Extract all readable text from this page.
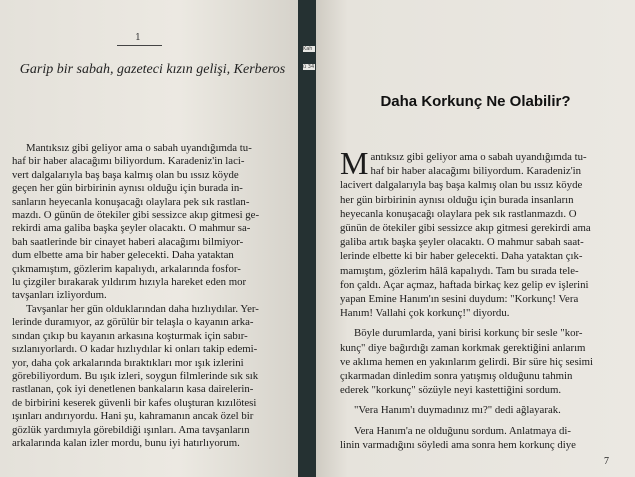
1
Garip bir sabah, gazeteci kızın gelişi, Kerberos

Mantıksız gibi geliyor ama o sabah uyandığımda tu-
haf bir haber alacağımı biliyordum. Karadeniz'in laci-
vert dalgalarıyla baş başa kalmış olan bu ıssız köyde
geçen her gün birbirinin aynısı olduğu için burada in-
sanların heyecanla konuşacağı olaylara pek sık rastlan-
mazdı. O günün de ötekiler gibi sessizce akıp gitmesi ge-
rekirdi ama galiba başka şeyler olacaktı. O mahmur sa-
bah saatlerinde bir cinayet haberi alacağımı bilmiyor-
dum elbette ama bir haber gelecekti. Daha yataktan
çıkmamıştım, gözlerim kapalıydı, arkalarında fosfor-
lu çizgiler bırakarak yıldırım hızıyla hareket eden mor
tavşanları izliyordum.

Tavşanlar her gün olduklarından daha hızlıydılar. Yer-
lerinde duramıyor, az görülür bir telaşla o kayanın arka-
sından çıkıp bu kayanın arkasına koşturmak için sabır-
sızlanıyorlardı. O kadar hızlıydılar ki onları takip edemi-
yor, daha çok arkalarında bıraktıkları mor ışık izlerini
görebiliyordum. Bu ışık izleri, soygun filmlerinde sık sık
rastlanan, çok iyi denetlenen bankaların kasa dairelerin-
de birbirini keserek güvenli bir kafes oluşturan kızılötesi
ışınları andırıyordu. Hani şu, kahramanın ancak özel bir
gözlük yardımıyla görebildiği ışınları. Ama tavşanların
arkalarında kalan izler mordu, bunu iyi hatırlıyorum.

Kah
ü 34
Daha Korkunç Ne Olabilir?

M antıksız gibi geliyor ama o sabah uyandığımda tu-
haf bir haber alacağımı biliyordum. Karadeniz'in
lacivert dalgalarıyla baş başa kalmış olan bu ıssız köyde
her gün birbirinin aynısı olduğu için burada insanların
heyecanla konuşacağı olaylara pek sık rastlanmazdı. O
günün de ötekiler gibi sessizce akıp gitmesi gerekirdi ama
galiba artık başka şeyler olacaktı. O mahmur sabah saat-
lerinde elbette ki bir haber gelecekti. Daha yataktan çık-
mamıştım, gözlerim hâlâ kapalıydı. Tam bu sırada tele-
fon çaldı. Açar açmaz, haftada birkaç kez gelip ev işlerini
yapan Emine Hanım'ın sesini duydum: "Korkunç! Vera
Hanım! Vallahi çok korkunç!" diyordu.

Böyle durumlarda, yani birisi korkunç bir sesle "kor-
kunç" diye bağırdığı zaman korkmak gerektiğini anlarım
ve aklıma hemen en yakınlarım gelirdi. Bir süre hiç sesimi
çıkarmadan dinledim sonra yatışmış olduğunu tahmin
ederek "korkunç" sözüyle neyi kastettiğini sordum.

"Vera Hanım'ı duymadınız mı?" dedi ağlayarak.

Vera Hanım'a ne olduğunu sordum. Anlatmaya di-
linin varmadığını söyledi ama sonra hem korkunç diye

7
